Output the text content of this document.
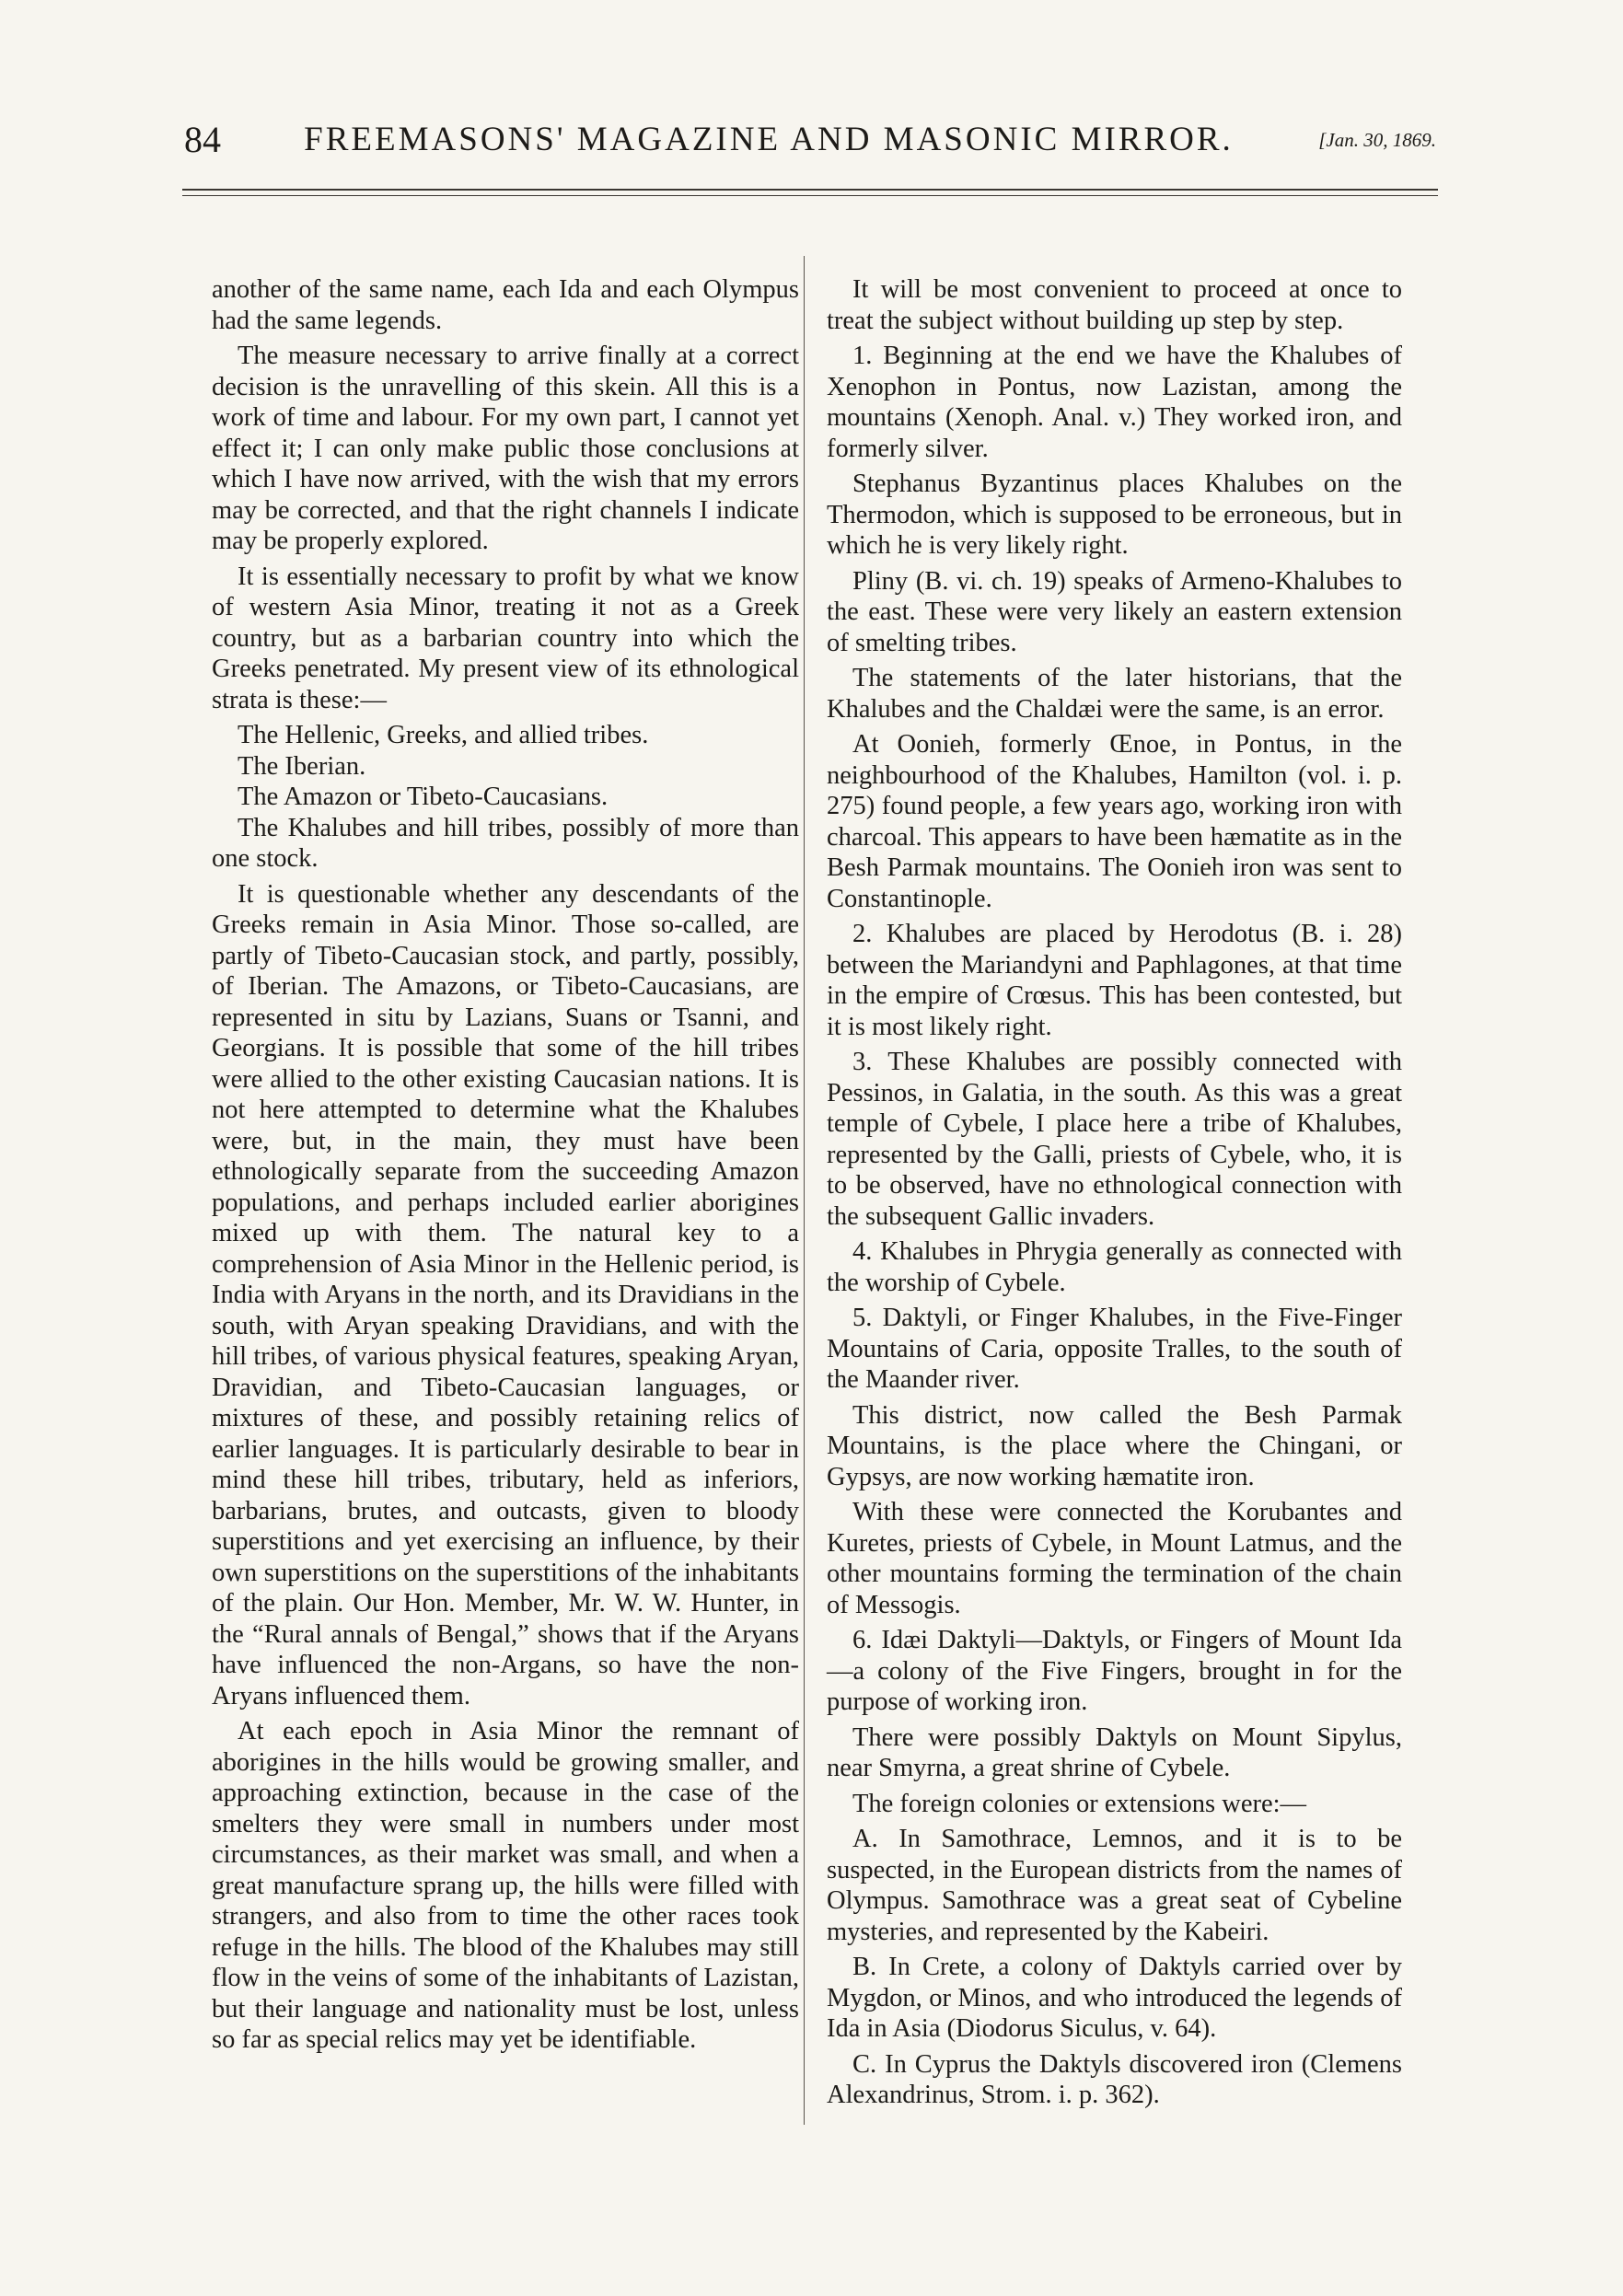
84	FREEMASONS' MAGAZINE AND MASONIC MIRROR.	[Jan. 30, 1869.

another of the same name, each Ida and each Olympus had the same legends.

The measure necessary to arrive finally at a correct decision is the unravelling of this skein. All this is a work of time and labour. For my own part, I cannot yet effect it; I can only make public those conclusions at which I have now arrived, with the wish that my errors may be corrected, and that the right channels I indicate may be properly explored.

It is essentially necessary to profit by what we know of western Asia Minor, treating it not as a Greek country, but as a barbarian country into which the Greeks penetrated. My present view of its ethnological strata is these:—

The Hellenic, Greeks, and allied tribes.

The Iberian.

The Amazon or Tibeto-Caucasians.

The Khalubes and hill tribes, possibly of more than one stock.

It is questionable whether any descendants of the Greeks remain in Asia Minor. Those so-called, are partly of Tibeto-Caucasian stock, and partly, possibly, of Iberian. The Amazons, or Tibeto-Caucasians, are represented in situ by Lazians, Suans or Tsanni, and Georgians. It is possible that some of the hill tribes were allied to the other existing Caucasian nations. It is not here attempted to determine what the Khalubes were, but, in the main, they must have been ethnologically separate from the succeeding Amazon populations, and perhaps included earlier aborigines mixed up with them. The natural key to a comprehension of Asia Minor in the Hellenic period, is India with Aryans in the north, and its Dravidians in the south, with Aryan speaking Dravidians, and with the hill tribes, of various physical features, speaking Aryan, Dravidian, and Tibeto-Caucasian languages, or mixtures of these, and possibly retaining relics of earlier languages. It is particularly desirable to bear in mind these hill tribes, tributary, held as inferiors, barbarians, brutes, and outcasts, given to bloody superstitions and yet exercising an influence, by their own superstitions on the superstitions of the inhabitants of the plain. Our Hon. Member, Mr. W. W. Hunter, in the “Rural annals of Bengal,” shows that if the Aryans have influenced the non-Argans, so have the non-Aryans influenced them.

At each epoch in Asia Minor the remnant of aborigines in the hills would be growing smaller, and approaching extinction, because in the case of the smelters they were small in numbers under most circumstances, as their market was small, and when a great manufacture sprang up, the hills were filled with strangers, and also from to time the other races took refuge in the hills. The blood of the Khalubes may still flow in the veins of some of the inhabitants of Lazistan, but their language and nationality must be lost, unless so far as special relics may yet be identifiable.

It will be most convenient to proceed at once to treat the subject without building up step by step.

1. Beginning at the end we have the Khalubes of Xenophon in Pontus, now Lazistan, among the mountains (Xenoph. Anal. v.) They worked iron, and formerly silver.

Stephanus Byzantinus places Khalubes on the Thermodon, which is supposed to be erroneous, but in which he is very likely right.

Pliny (B. vi. ch. 19) speaks of Armeno-Khalubes to the east. These were very likely an eastern extension of smelting tribes.

The statements of the later historians, that the Khalubes and the Chaldæi were the same, is an error.

At Oonieh, formerly Œnoe, in Pontus, in the neighbourhood of the Khalubes, Hamilton (vol. i. p. 275) found people, a few years ago, working iron with charcoal. This appears to have been hæmatite as in the Besh Parmak mountains. The Oonieh iron was sent to Constantinople.

2. Khalubes are placed by Herodotus (B. i. 28) between the Mariandyni and Paphlagones, at that time in the empire of Crœsus. This has been contested, but it is most likely right.

3. These Khalubes are possibly connected with Pessinos, in Galatia, in the south. As this was a great temple of Cybele, I place here a tribe of Khalubes, represented by the Galli, priests of Cybele, who, it is to be observed, have no ethnological connection with the subsequent Gallic invaders.

4. Khalubes in Phrygia generally as connected with the worship of Cybele.

5. Daktyli, or Finger Khalubes, in the Five-Finger Mountains of Caria, opposite Tralles, to the south of the Maander river.

This district, now called the Besh Parmak Mountains, is the place where the Chingani, or Gypsys, are now working hæmatite iron.

With these were connected the Korubantes and Kuretes, priests of Cybele, in Mount Latmus, and the other mountains forming the termination of the chain of Messogis.

6. Idæi Daktyli—Daktyls, or Fingers of Mount Ida—a colony of the Five Fingers, brought in for the purpose of working iron.

There were possibly Daktyls on Mount Sipylus, near Smyrna, a great shrine of Cybele.

The foreign colonies or extensions were:—

A. In Samothrace, Lemnos, and it is to be suspected, in the European districts from the names of Olympus. Samothrace was a great seat of Cybeline mysteries, and represented by the Kabeiri.

B. In Crete, a colony of Daktyls carried over by Mygdon, or Minos, and who introduced the legends of Ida in Asia (Diodorus Siculus, v. 64).

C. In Cyprus the Daktyls discovered iron (Clemens Alexandrinus, Strom. i. p. 362).
